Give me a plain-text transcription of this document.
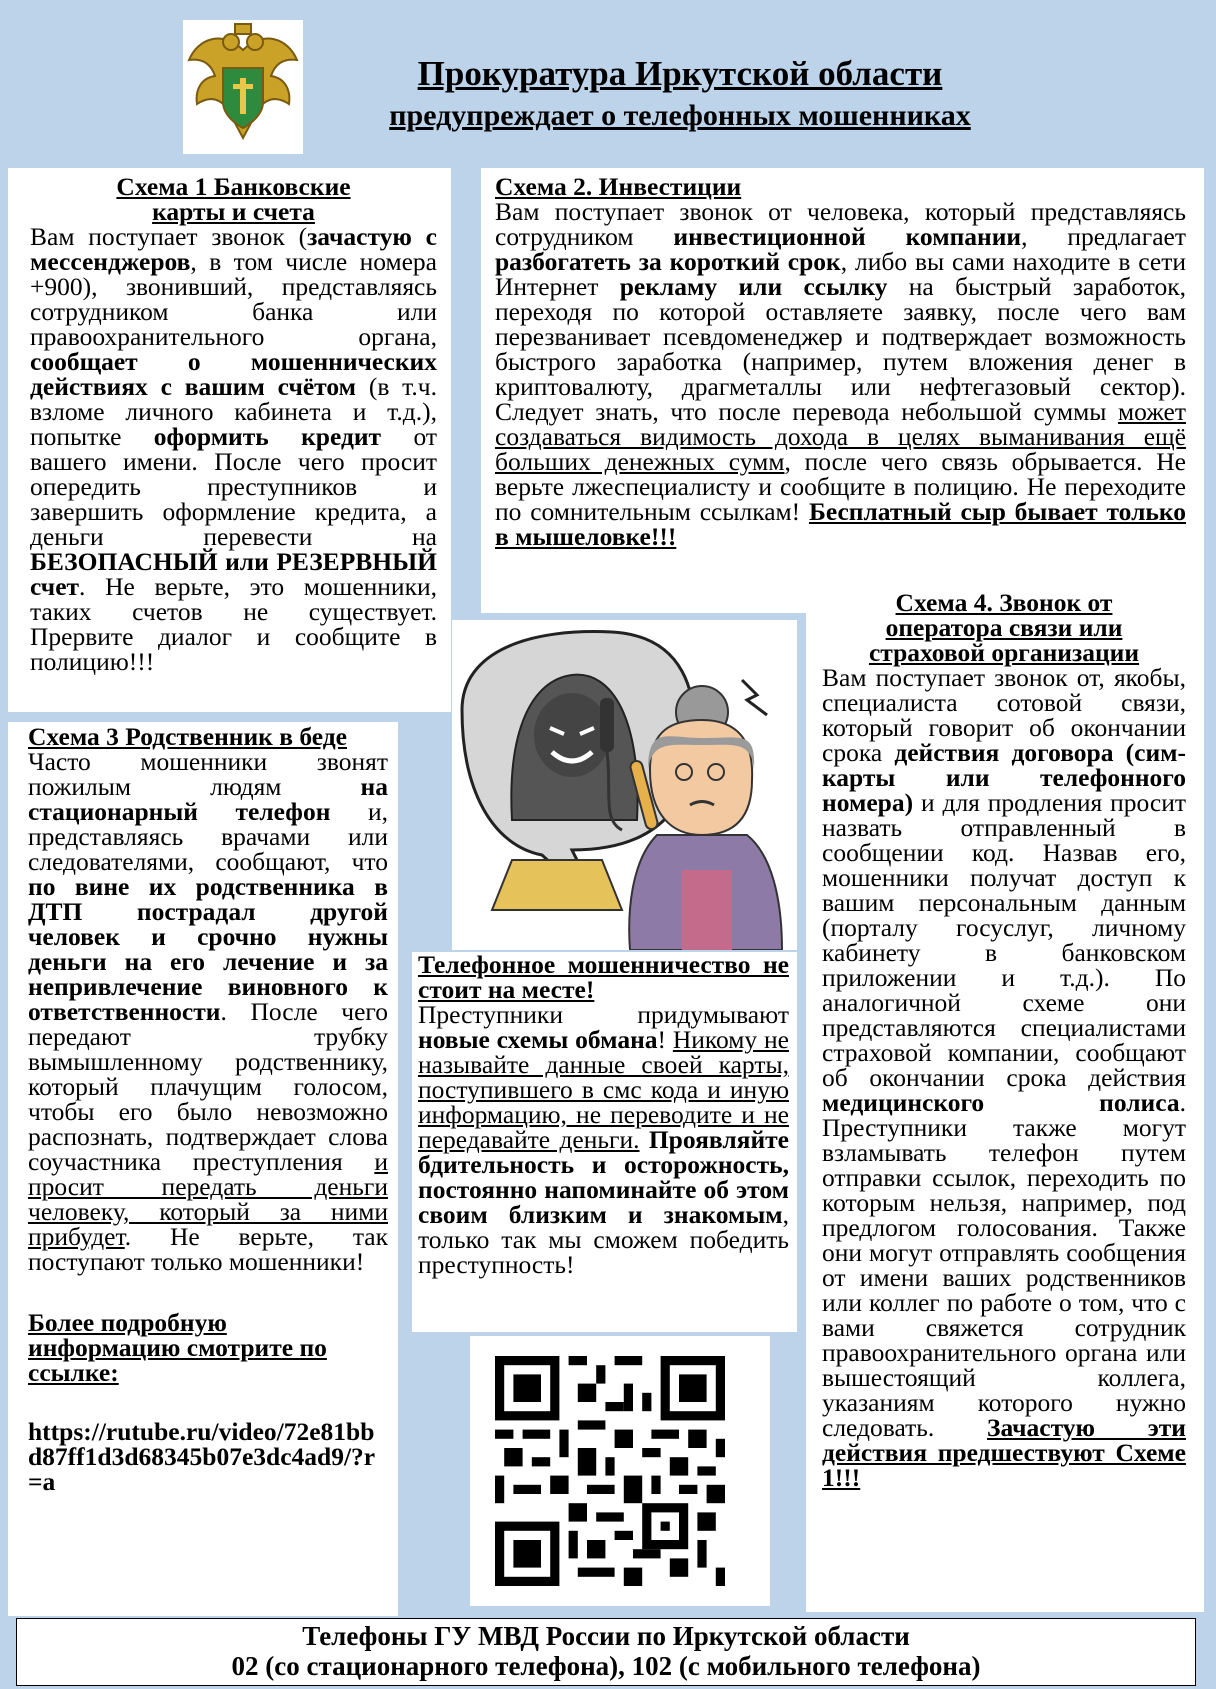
Прокуратура Иркутской области
предупреждает о телефонных мошенниках

Схема 1 Банковские
карты и счета

Вам поступает звонок (зачастую с мессенджеров, в том числе номера +900), звонивший, представляясь сотрудником банка или правоохранительного органа, сообщает о мошеннических действиях с вашим счётом (в т.ч. взломе личного кабинета и т.д.), попытке оформить кредит от вашего имени. После чего просит опередить преступников и завершить оформление кредита, а деньги перевести на БЕЗОПАСНЫЙ или РЕЗЕРВНЫЙ счет. Не верьте, это мошенники, таких счетов не существует. Прервите диалог и сообщите в полицию!!!

Схема 2. Инвестиции

Вам поступает звонок от человека, который представляясь сотрудником инвестиционной компании, предлагает разбогатеть за короткий срок, либо вы сами находите в сети Интернет рекламу или ссылку на быстрый заработок, переходя по которой оставляете заявку, после чего вам перезванивает псевдоменеджер и подтверждает возможность быстрого заработка (например, путем вложения денег в криптовалюту, драгметаллы или нефтегазовый сектор). Следует знать, что после перевода небольшой суммы может создаваться видимость дохода в целях выманивания ещё больших денежных сумм, после чего связь обрывается. Не верьте лжеспециалисту и сообщите в полицию. Не переходите по сомнительным ссылкам! Бесплатный сыр бывает только в мышеловке!!!

Схема 3 Родственник в беде

Часто мошенники звонят пожилым людям на стационарный телефон и, представляясь врачами или следователями, сообщают, что по вине их родственника в ДТП пострадал другой человек и срочно нужны деньги на его лечение и за непривлечение виновного к ответственности. После чего передают трубку вымышленному родственнику, который плачущим голосом, чтобы его было невозможно распознать, подтверждает слова соучастника преступления и просит передать деньги человеку, который за ними прибудет. Не верьте, так поступают только мошенники!

Более подробную информацию смотрите по ссылке:

https://rutube.ru/video/72e81bbd87ff1d3d68345b07e3dc4ad9/?r=a

Телефонное мошенничество не стоит на месте!

Преступники придумывают новые схемы обмана! Никому не называйте данные своей карты, поступившего в смс кода и иную информацию, не переводите и не передавайте деньги. Проявляйте бдительность и осторожность, постоянно напоминайте об этом своим близким и знакомым, только так мы сможем победить преступность!

Схема 4. Звонок от
оператора связи или
страховой организации

Вам поступает звонок от, якобы, специалиста сотовой связи, который говорит об окончании срока действия договора (сим-карты или телефонного номера) и для продления просит назвать отправленный в сообщении код. Назвав его, мошенники получат доступ к вашим персональным данным (порталу госуслуг, личному кабинету в банковском приложении и т.д.). По аналогичной схеме они представляются специалистами страховой компании, сообщают об окончании срока действия медицинского полиса. Преступники также могут взламывать телефон путем отправки ссылок, переходить по которым нельзя, например, под предлогом голосования. Также они могут отправлять сообщения от имени ваших родственников или коллег по работе о том, что с вами свяжется сотрудник правоохранительного органа или вышестоящий коллега, указаниям которого нужно следовать. Зачастую эти действия предшествуют Схеме 1!!!

Телефоны ГУ МВД России по Иркутской области
02 (со стационарного телефона), 102 (с мобильного телефона)
